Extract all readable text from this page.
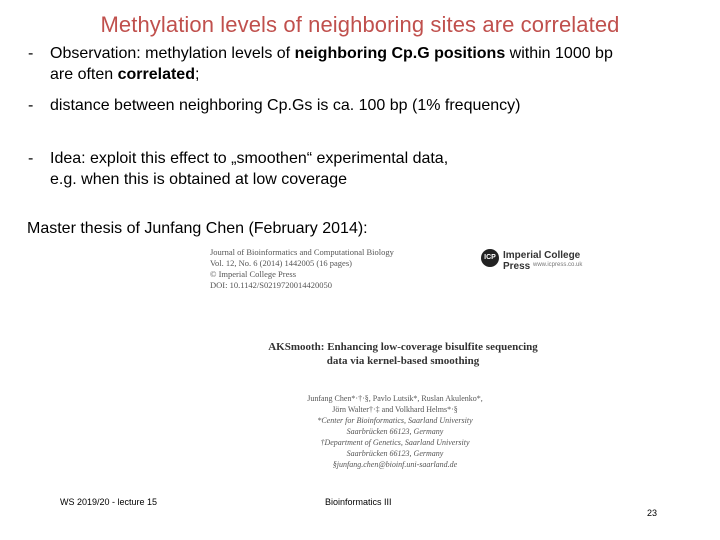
Methylation levels of neighboring sites are correlated
- Observation: methylation levels of neighboring Cp.G positions within 1000 bp
are often correlated;
- distance between neighboring Cp.Gs is ca. 100 bp (1% frequency)
- Idea: exploit this effect to „smoothen“ experimental data,
e.g. when this is obtained at low coverage
Master thesis of Junfang Chen (February 2014):
Journal of Bioinformatics and Computational Biology
Vol. 12, No. 6 (2014) 1442005 (16 pages)
© Imperial College Press
DOI: 10.1142/S0219720014420050
ICP Imperial College Press www.icpress.co.uk
AKSmooth: Enhancing low-coverage bisulfite sequencing
data via kernel-based smoothing
Junfang Chen*·†·§, Pavlo Lutsik*, Ruslan Akulenko*,
Jörn Walter†·‡ and Volkhard Helms*·§
*Center for Bioinformatics, Saarland University
Saarbrücken 66123, Germany
†Department of Genetics, Saarland University
Saarbrücken 66123, Germany
§junfang.chen@bioinf.uni-saarland.de
WS 2019/20 - lecture 15	Bioinformatics III
23
